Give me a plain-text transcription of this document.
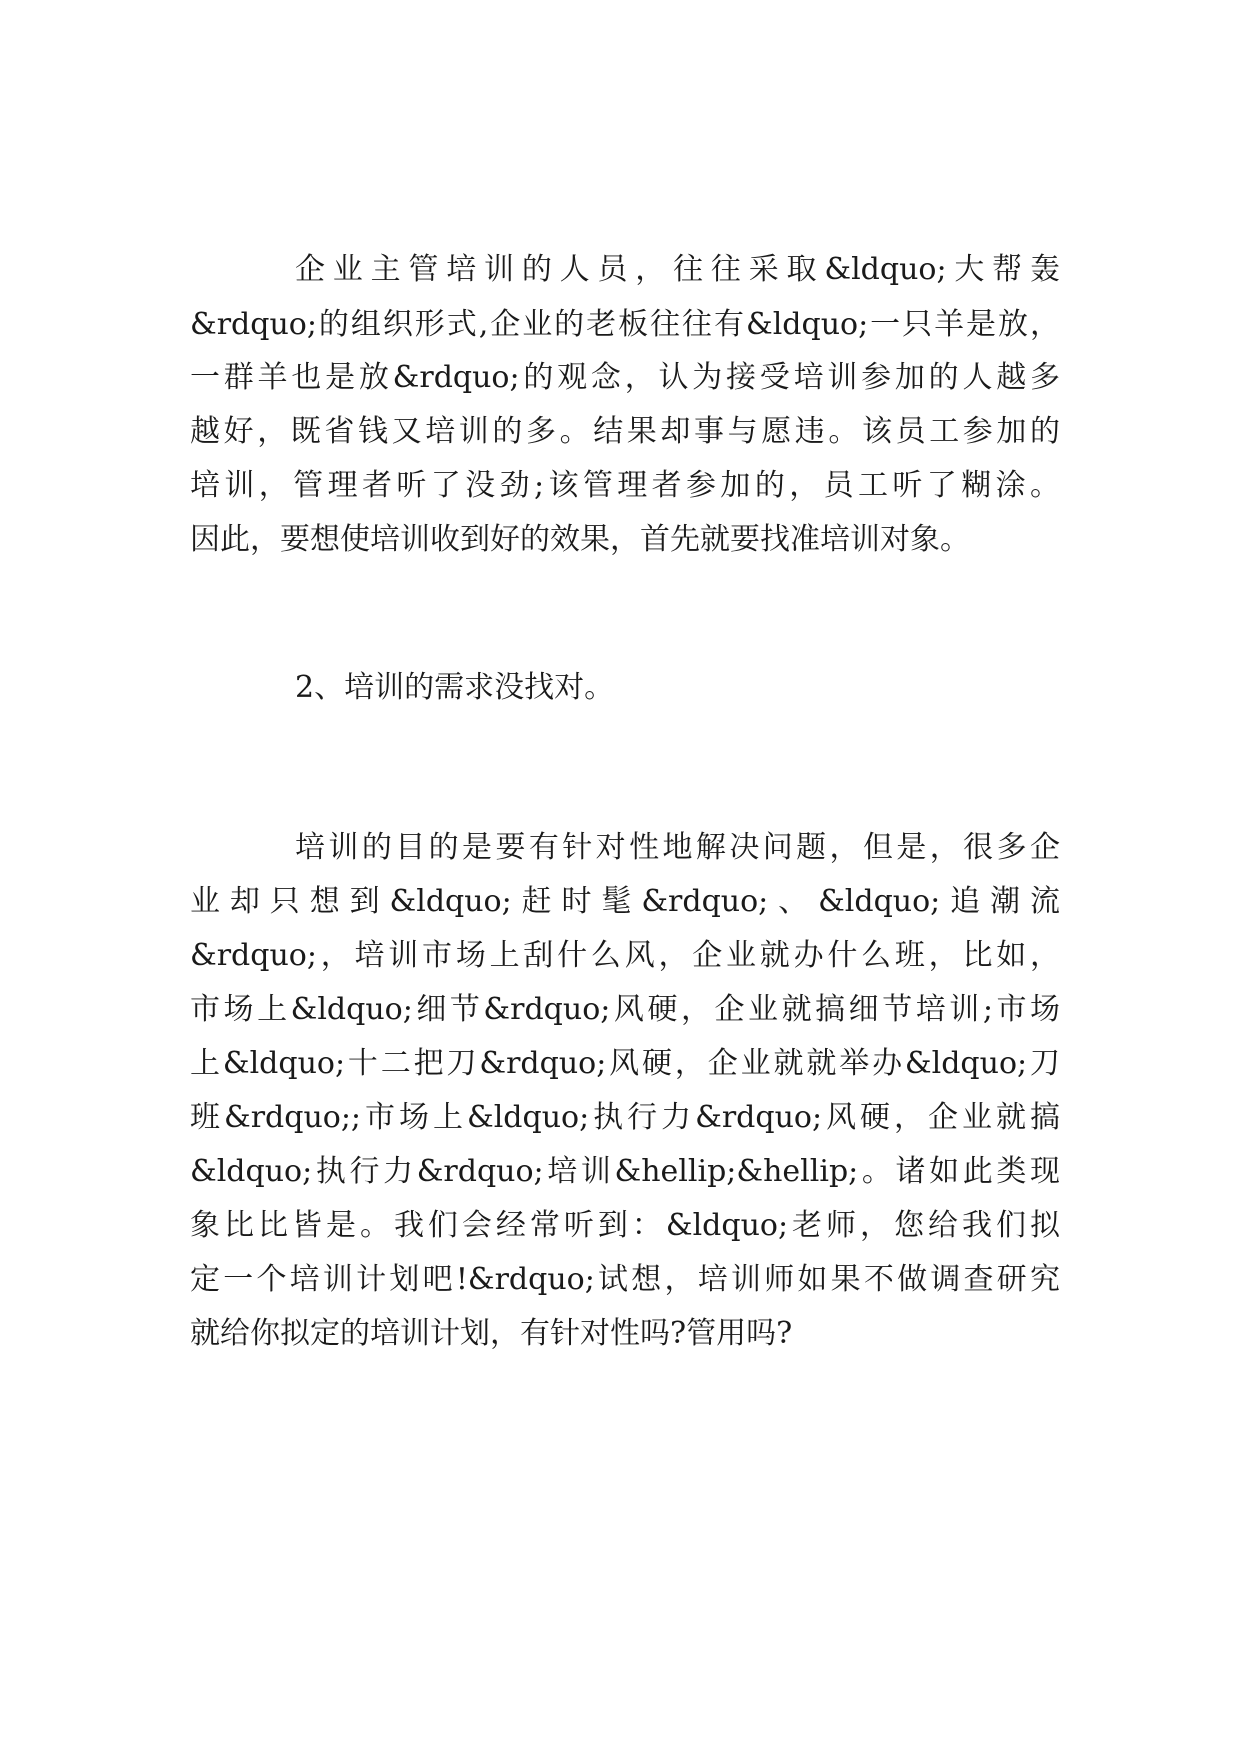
企业主管培训的人员，往往采取&ldquo;大帮轰
&rdquo;的组织形式,企业的老板往往有&ldquo;一只羊是放，
一群羊也是放&rdquo;的观念，认为接受培训参加的人越多
越好，既省钱又培训的多。结果却事与愿违。该员工参加的
培训，管理者听了没劲;该管理者参加的，员工听了糊涂。
因此，要想使培训收到好的效果，首先就要找准培训对象。
2、培训的需求没找对。
培训的目的是要有针对性地解决问题，但是，很多企
业却只想到&ldquo;赶时髦&rdquo;、&ldquo;追潮流
&rdquo;，培训市场上刮什么风，企业就办什么班，比如，
市场上&ldquo;细节&rdquo;风硬，企业就搞细节培训;市场
上&ldquo;十二把刀&rdquo;风硬，企业就就举办&ldquo;刀
班&rdquo;;市场上&ldquo;执行力&rdquo;风硬，企业就搞
&ldquo;执行力&rdquo;培训&hellip;&hellip;。诸如此类现
象比比皆是。我们会经常听到：&ldquo;老师，您给我们拟
定一个培训计划吧!&rdquo;试想，培训师如果不做调查研究
就给你拟定的培训计划，有针对性吗?管用吗?
